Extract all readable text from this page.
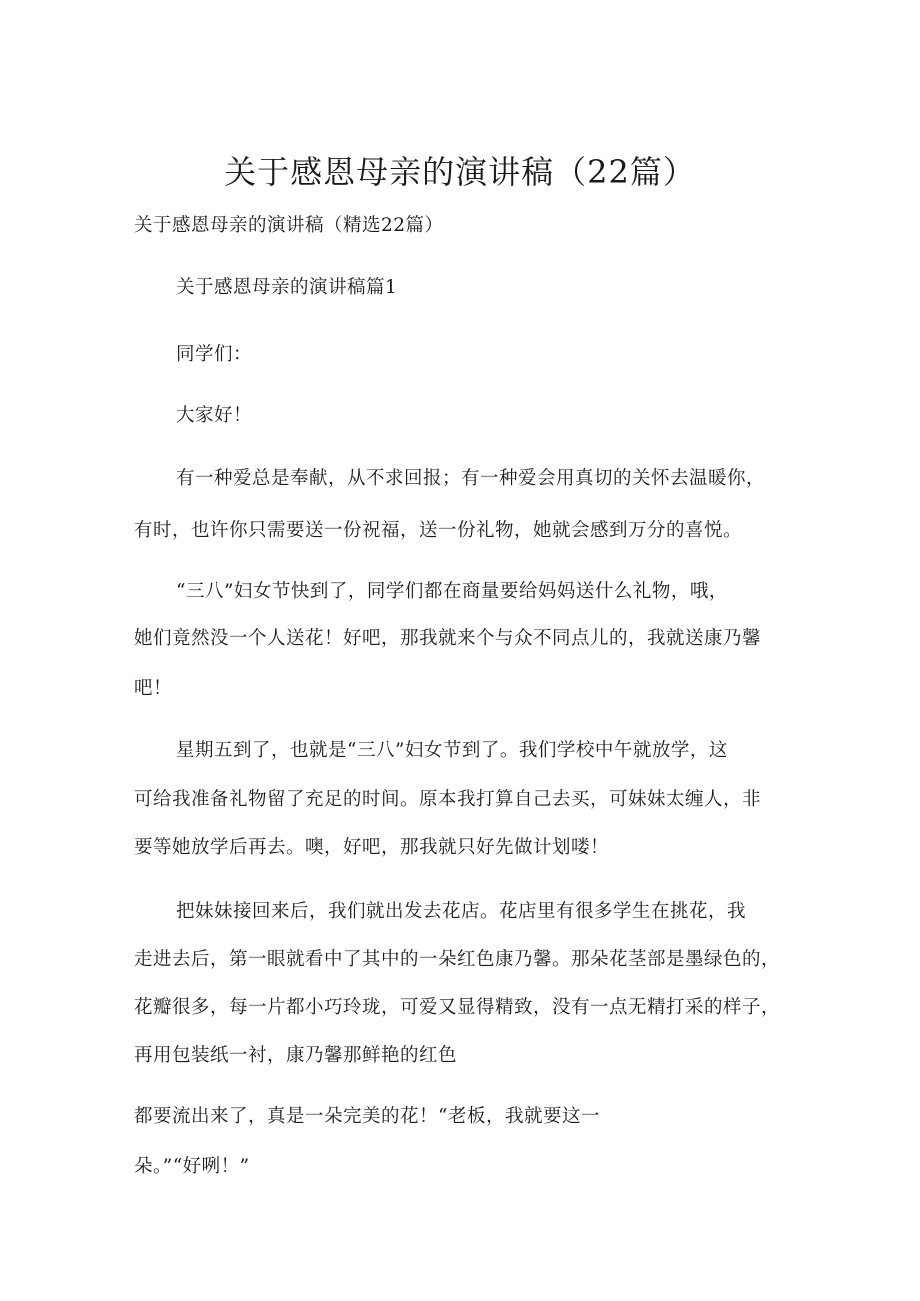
关于感恩母亲的演讲稿（22篇）

关于感恩母亲的演讲稿（精选22篇）

关于感恩母亲的演讲稿篇1

同学们：

大家好！

有一种爱总是奉献，从不求回报；有一种爱会用真切的关怀去温暖你，

有时，也许你只需要送一份祝福，送一份礼物，她就会感到万分的喜悦。

“三八”妇女节快到了，同学们都在商量要给妈妈送什么礼物，哦，

她们竟然没一个人送花！好吧，那我就来个与众不同点儿的，我就送康乃馨

吧！

星期五到了，也就是“三八”妇女节到了。我们学校中午就放学，这

可给我准备礼物留了充足的时间。原本我打算自己去买，可妹妹太缠人，非

要等她放学后再去。噢，好吧，那我就只好先做计划喽！

把妹妹接回来后，我们就出发去花店。花店里有很多学生在挑花，我

走进去后，第一眼就看中了其中的一朵红色康乃馨。那朵花茎部是墨绿色的，

花瓣很多，每一片都小巧玲珑，可爱又显得精致，没有一点无精打采的样子，

再用包装纸一衬，康乃馨那鲜艳的红色

都要流出来了，真是一朵完美的花！“老板，我就要这一

朵。”“好咧！”
